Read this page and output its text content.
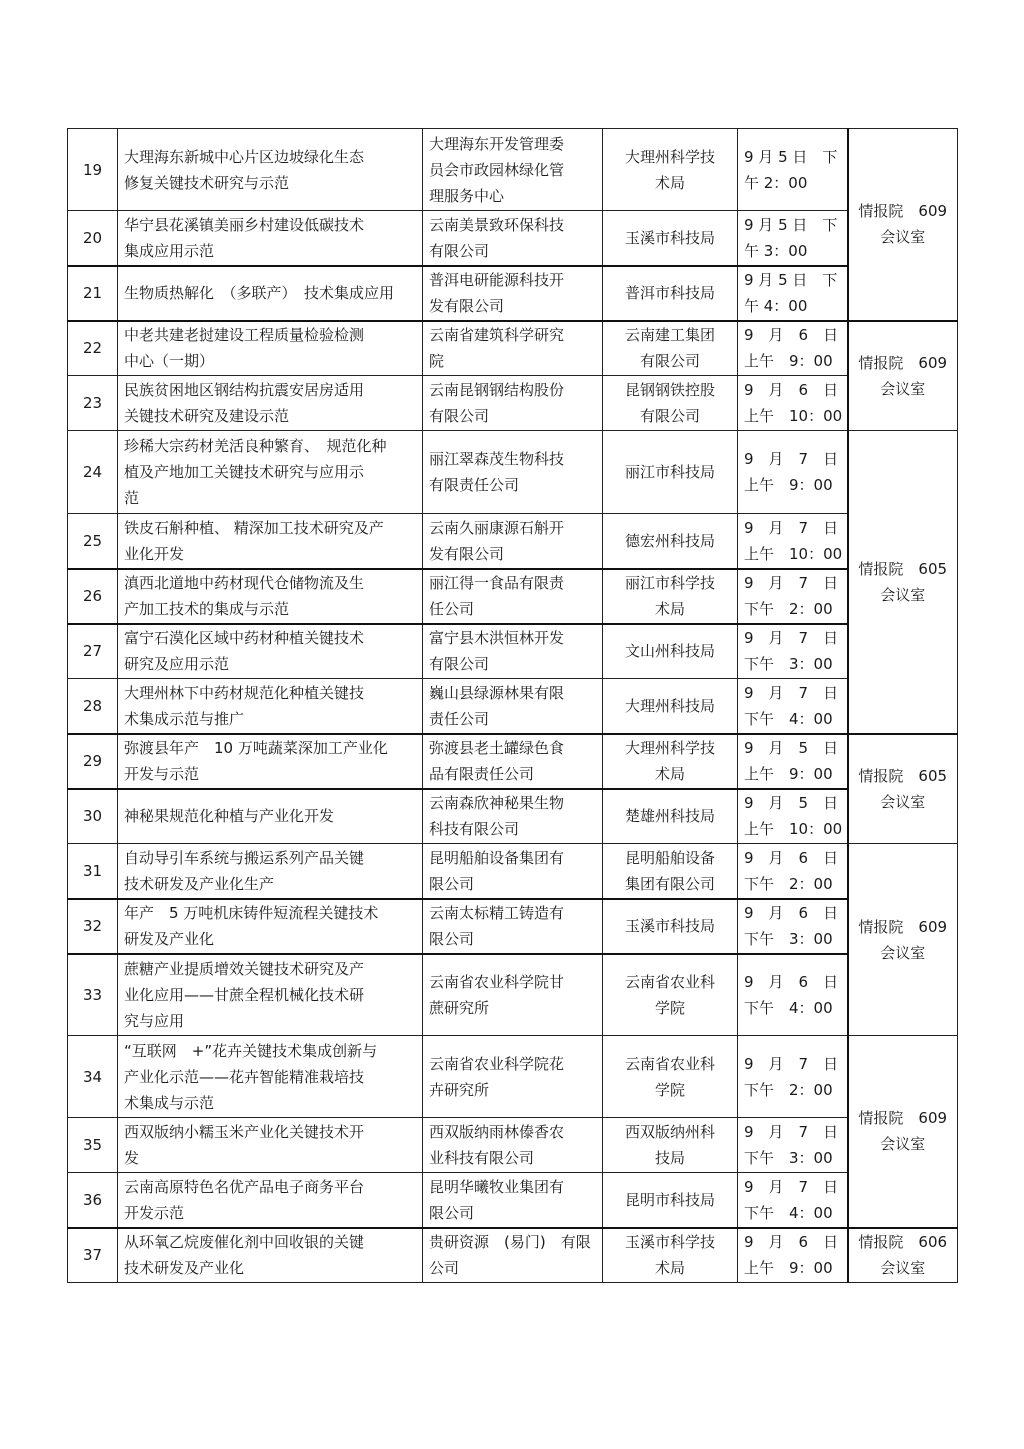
19	大理海东新城中心片区边坡绿化生态
修复关键技术研究与示范	大理海东开发管理委
员会市政园林绿化管
理服务中心	大理州科学技
术局	9 月 5 日　下
午 2：00	情报院　609
会议室

20	华宁县花溪镇美丽乡村建设低碳技术
集成应用示范	云南美景致环保科技
有限公司	玉溪市科技局	9 月 5 日　下
午 3：00	

21	生物质热解化　（多联产）　技术集成应用	普洱电研能源科技开
发有限公司	普洱市科技局	9 月 5 日　下
午 4：00	

22	中老共建老挝建设工程质量检验检测
中心（一期）	云南省建筑科学研究
院	云南建工集团
有限公司	9　月　6　日
上午　9：00	情报院　609
会议室

23	民族贫困地区钢结构抗震安居房适用
关键技术研究及建设示范	云南昆钢钢结构股份
有限公司	昆钢钢铁控股
有限公司	9　月　6　日
上午　10：00	

24	珍稀大宗药材羌活良种繁育、　规范化种
植及产地加工关键技术研究与应用示
范	丽江翠森茂生物科技
有限责任公司	丽江市科技局	9　月　7　日
上午　9：00	情报院　605
会议室

25	铁皮石斛种植、 精深加工技术研究及产
业化开发	云南久丽康源石斛开
发有限公司	德宏州科技局	9　月　7　日
上午　10：00	

26	滇西北道地中药材现代仓储物流及生
产加工技术的集成与示范	丽江得一食品有限责
任公司	丽江市科学技
术局	9　月　7　日
下午　2：00	

27	富宁石漠化区域中药材种植关键技术
研究及应用示范	富宁县木洪恒林开发
有限公司	文山州科技局	9　月　7　日
下午　3：00	

28	大理州林下中药材规范化种植关键技
术集成示范与推广	巍山县绿源林果有限
责任公司	大理州科技局	9　月　7　日
下午　4：00	

29	弥渡县年产　10 万吨蔬菜深加工产业化
开发与示范	弥渡县老土罐绿色食
品有限责任公司	大理州科学技
术局	9　月　5　日
上午　9：00	情报院　605
会议室

30	神秘果规范化种植与产业化开发	云南森欣神秘果生物
科技有限公司	楚雄州科技局	9　月　5　日
上午　10：00	

31	自动导引车系统与搬运系列产品关键
技术研发及产业化生产	昆明船舶设备集团有
限公司	昆明船舶设备
集团有限公司	9　月　6　日
下午　2：00	情报院　609
会议室

32	年产　5 万吨机床铸件短流程关键技术
研发及产业化	云南太标精工铸造有
限公司	玉溪市科技局	9　月　6　日
下午　3：00	

33	蔗糖产业提质增效关键技术研究及产
业化应用——甘蔗全程机械化技术研
究与应用	云南省农业科学院甘
蔗研究所	云南省农业科
学院	9　月　6　日
下午　4：00	

34	“互联网　+”花卉关键技术集成创新与
产业化示范——花卉智能精准栽培技
术集成与示范	云南省农业科学院花
卉研究所	云南省农业科
学院	9　月　7　日
下午　2：00	情报院　609
会议室

35	西双版纳小糯玉米产业化关键技术开
发	西双版纳雨林傣香农
业科技有限公司	西双版纳州科
技局	9　月　7　日
下午　3：00	

36	云南高原特色名优产品电子商务平台
开发示范	昆明华曦牧业集团有
限公司	昆明市科技局	9　月　7　日
下午　4：00	

37	从环氧乙烷废催化剂中回收银的关键
技术研发及产业化	贵研资源　(易门)　有限
公司	玉溪市科学技
术局	9　月　6　日
上午　9：00	情报院　606
会议室
